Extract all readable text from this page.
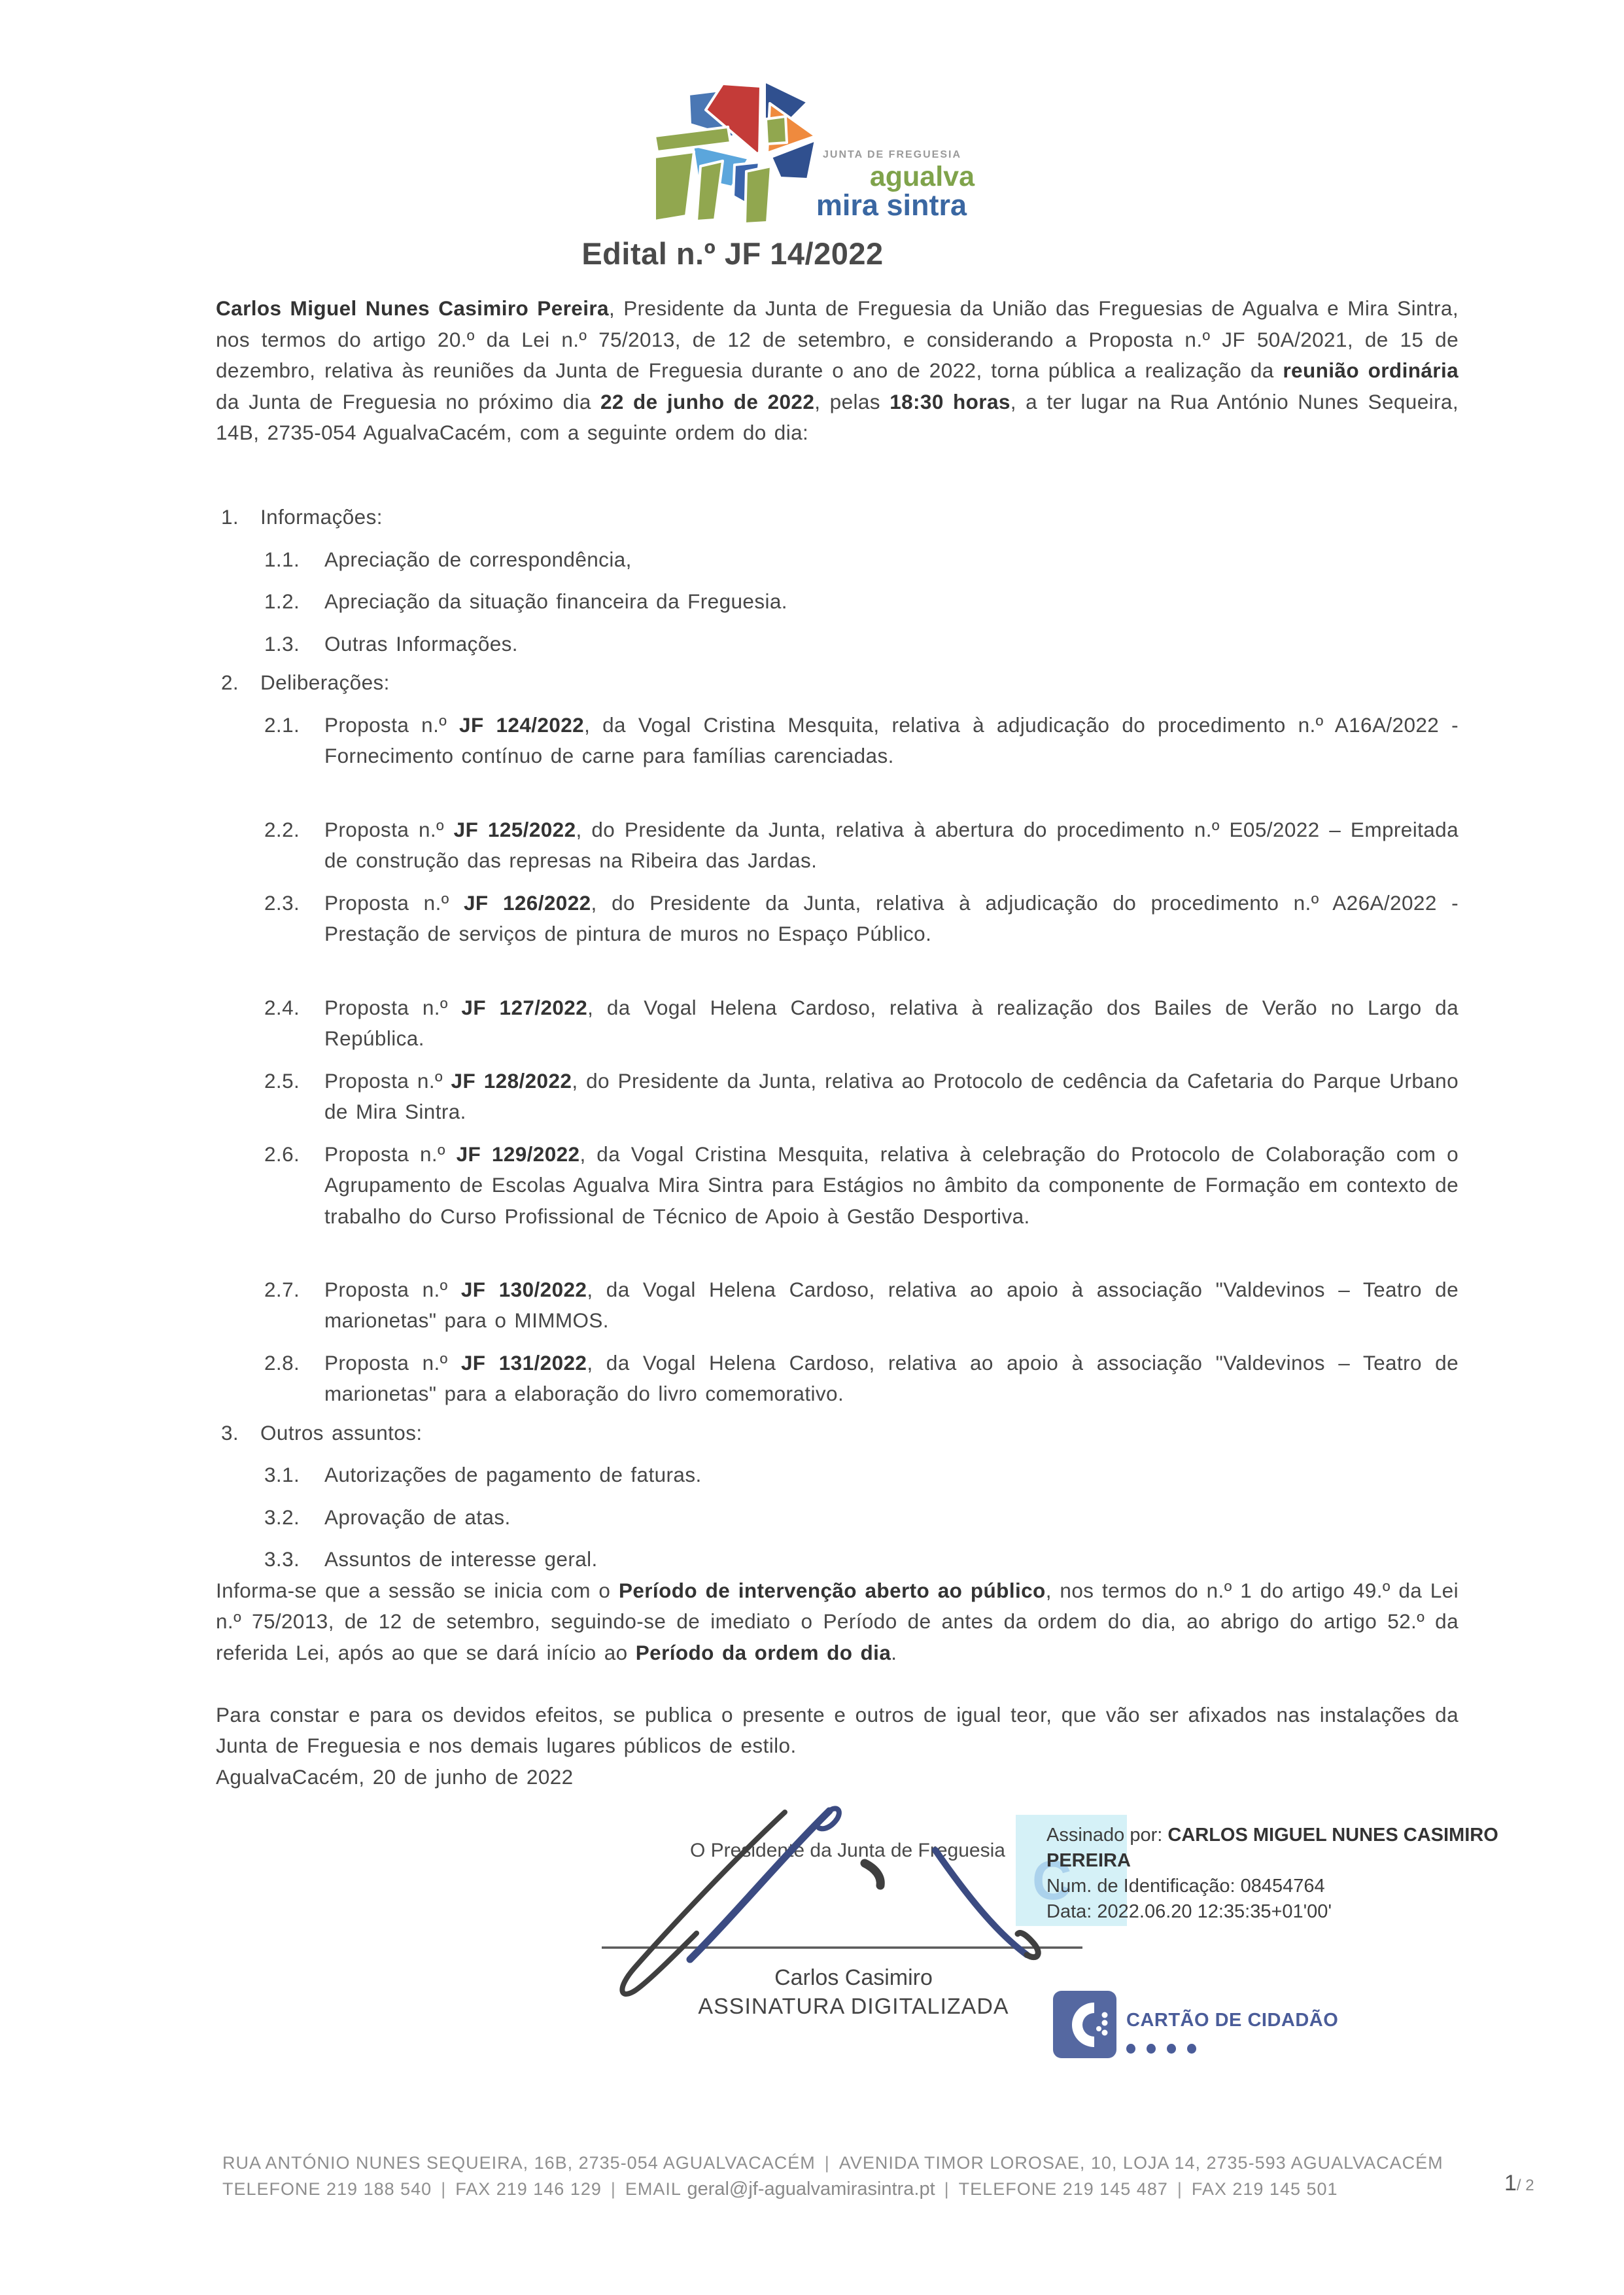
JUNTA DE FREGUESIA
agualva
mira sintra
Edital n.º JF 14/2022

Carlos Miguel Nunes Casimiro Pereira, Presidente da Junta de Freguesia da União das Freguesias de Agualva e Mira Sintra, nos termos do artigo 20.º da Lei n.º 75/2013, de 12 de setembro, e considerando a Proposta n.º JF 50A/2021, de 15 de dezembro, relativa às reuniões da Junta de Freguesia durante o ano de 2022, torna pública a realização da reunião ordinária da Junta de Freguesia no próximo dia 22 de junho de 2022, pelas 18:30 horas, a ter lugar na Rua António Nunes Sequeira, 14B, 2735-054 AgualvaCacém, com a seguinte ordem do dia:

1.	Informações:
1.1.	Apreciação de correspondência,
1.2.	Apreciação da situação financeira da Freguesia.
1.3.	Outras Informações.
2.	Deliberações:
2.1.	Proposta n.º JF 124/2022, da Vogal Cristina Mesquita, relativa à adjudicação do procedimento n.º A16A/2022 - Fornecimento contínuo de carne para famílias carenciadas.
2.2.	Proposta n.º JF 125/2022, do Presidente da Junta, relativa à abertura do procedimento n.º E05/2022 – Empreitada de construção das represas na Ribeira das Jardas.
2.3.	Proposta n.º JF 126/2022, do Presidente da Junta, relativa à adjudicação do procedimento n.º A26A/2022 - Prestação de serviços de pintura de muros no Espaço Público.
2.4.	Proposta n.º JF 127/2022, da Vogal Helena Cardoso, relativa à realização dos Bailes de Verão no Largo da República.
2.5.	Proposta n.º JF 128/2022, do Presidente da Junta, relativa ao Protocolo de cedência da Cafetaria do Parque Urbano de Mira Sintra.
2.6.	Proposta n.º JF 129/2022, da Vogal Cristina Mesquita, relativa à celebração do Protocolo de Colaboração com o Agrupamento de Escolas Agualva Mira Sintra para Estágios no âmbito da componente de Formação em contexto de trabalho do Curso Profissional de Técnico de Apoio à Gestão Desportiva.
2.7.	Proposta n.º JF 130/2022, da Vogal Helena Cardoso, relativa ao apoio à associação "Valdevinos – Teatro de marionetas" para o MIMMOS.
2.8.	Proposta n.º JF 131/2022, da Vogal Helena Cardoso, relativa ao apoio à associação "Valdevinos – Teatro de marionetas" para a elaboração do livro comemorativo.
3.	Outros assuntos:
3.1.	Autorizações de pagamento de faturas.
3.2.	Aprovação de atas.
3.3.	Assuntos de interesse geral.

Informa-se que a sessão se inicia com o Período de intervenção aberto ao público, nos termos do n.º 1 do artigo 49.º da Lei n.º 75/2013, de 12 de setembro, seguindo-se de imediato o Período de antes da ordem do dia, ao abrigo do artigo 52.º da referida Lei, após ao que se dará início ao Período da ordem do dia.

Para constar e para os devidos efeitos, se publica o presente e outros de igual teor, que vão ser afixados nas instalações da Junta de Freguesia e nos demais lugares públicos de estilo.

AgualvaCacém, 20 de junho de 2022

C
O Presidente da Junta de Freguesia
Assinado por: CARLOS MIGUEL NUNES CASIMIRO PEREIRA
Num. de Identificação: 08454764
Data: 2022.06.20 12:35:35+01'00'
Carlos Casimiro
ASSINATURA DIGITALIZADA
CARTÃO DE CIDADÃO
RUA ANTÓNIO NUNES SEQUEIRA, 16B, 2735-054 AGUALVACACÉM | AVENIDA TIMOR LOROSAE, 10, LOJA 14, 2735-593 AGUALVACACÉM
TELEFONE 219 188 540 | FAX 219 146 129 | EMAIL geral@jf-agualvamirasintra.pt | TELEFONE 219 145 487 | FAX 219 145 501	1/ 2
